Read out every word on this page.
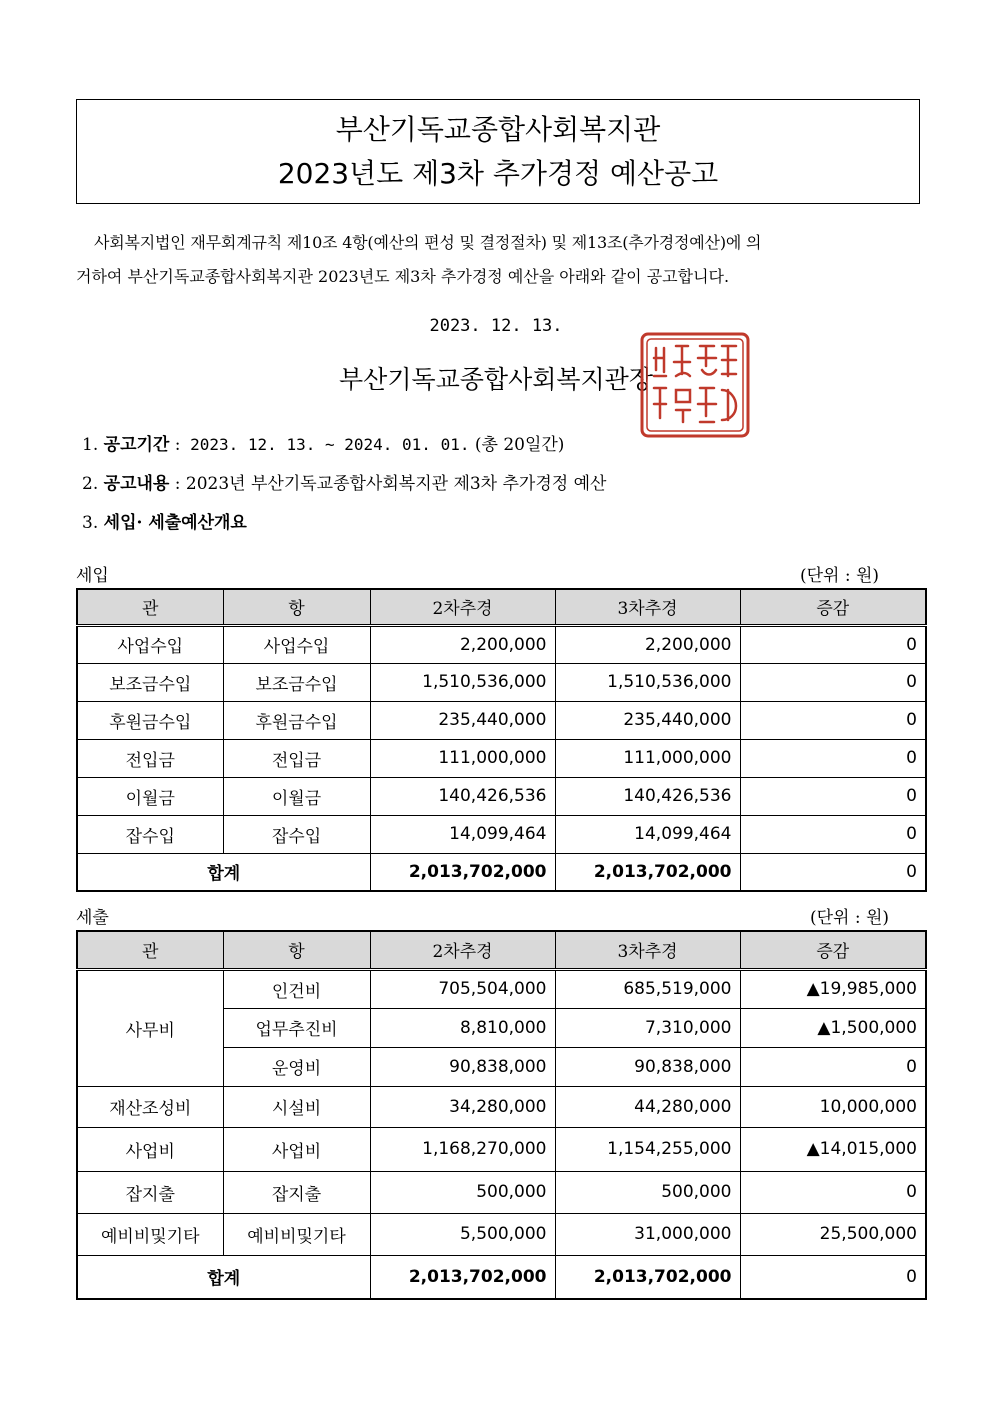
부산기독교종합사회복지관
2023년도 제3차 추가경정 예산공고
사회복지법인 재무회계규칙 제10조 4항(예산의 편성 및 결정절차) 및 제13조(추가경정예산)에 의
거하여 부산기독교종합사회복지관 2023년도 제3차 추가경정 예산을 아래와 같이 공고합니다.
2023. 12. 13.
부산기독교종합사회복지관장
1. 공고기간 : 2023. 12. 13. ~ 2024. 01. 01. (총 20일간)
2. 공고내용 : 2023년 부산기독교종합사회복지관 제3차 추가경정 예산
3. 세입· 세출예산개요
세입	(단위 : 원)
관	항	2차추경	3차추경	증감
사업수입	사업수입	2,200,000	2,200,000	0
보조금수입	보조금수입	1,510,536,000	1,510,536,000	0
후원금수입	후원금수입	235,440,000	235,440,000	0
전입금	전입금	111,000,000	111,000,000	0
이월금	이월금	140,426,536	140,426,536	0
잡수입	잡수입	14,099,464	14,099,464	0
합계		2,013,702,000	2,013,702,000	0
세출	(단위 : 원)
관	항	2차추경	3차추경	증감
사무비	인건비	705,504,000	685,519,000	▲19,985,000
	업무추진비	8,810,000	7,310,000	▲1,500,000
	운영비	90,838,000	90,838,000	0
재산조성비	시설비	34,280,000	44,280,000	10,000,000
사업비	사업비	1,168,270,000	1,154,255,000	▲14,015,000
잡지출	잡지출	500,000	500,000	0
예비비및기타	예비비및기타	5,500,000	31,000,000	25,500,000
합계		2,013,702,000	2,013,702,000	0
